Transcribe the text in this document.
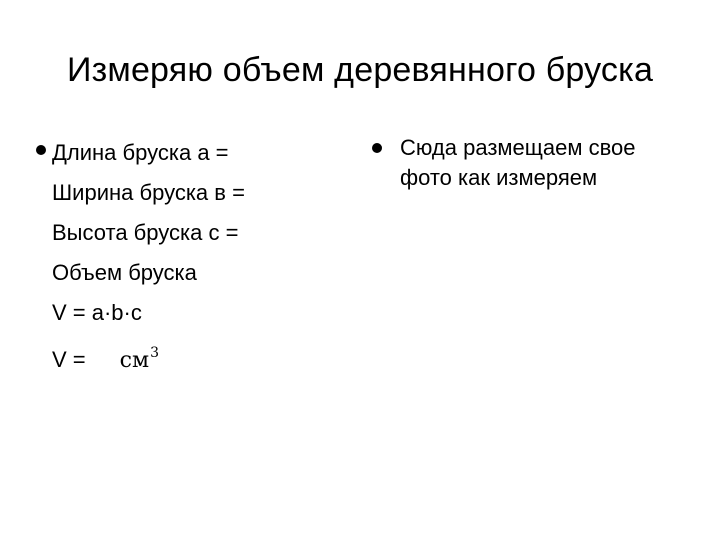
Измеряю объем деревянного бруска
Длина бруска а =
Ширина бруска в =
Высота бруска с =
Объем бруска
V = a·b·c
$V = см^3$
Сюда размещаем свое
фото как измеряем
